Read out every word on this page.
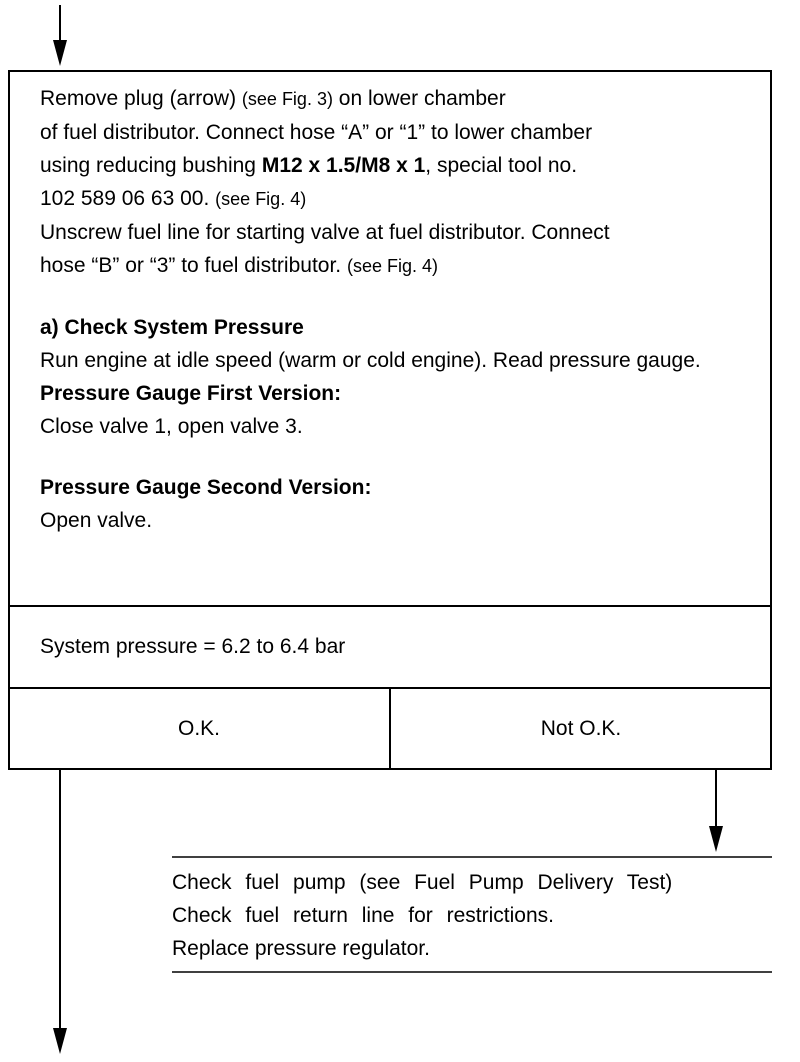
Remove plug (arrow) (see Fig. 3) on lower chamber

of fuel distributor. Connect hose “A” or “1” to lower chamber

using reducing bushing M12 x 1.5/M8 x 1, special tool no.

102 589 06 63 00. (see Fig. 4)

Unscrew fuel line for starting valve at fuel distributor. Connect

hose “B” or “3” to fuel distributor. (see Fig. 4)

a) Check System Pressure

Run engine at idle speed (warm or cold engine). Read pressure gauge.

Pressure Gauge First Version:

Close valve 1, open valve 3.

Pressure Gauge Second Version:

Open valve.

System pressure = 6.2 to 6.4 bar
O.K.	Not O.K.

Check fuel pump (see Fuel Pump Delivery Test)

Check fuel return line for restrictions.

Replace pressure regulator.
